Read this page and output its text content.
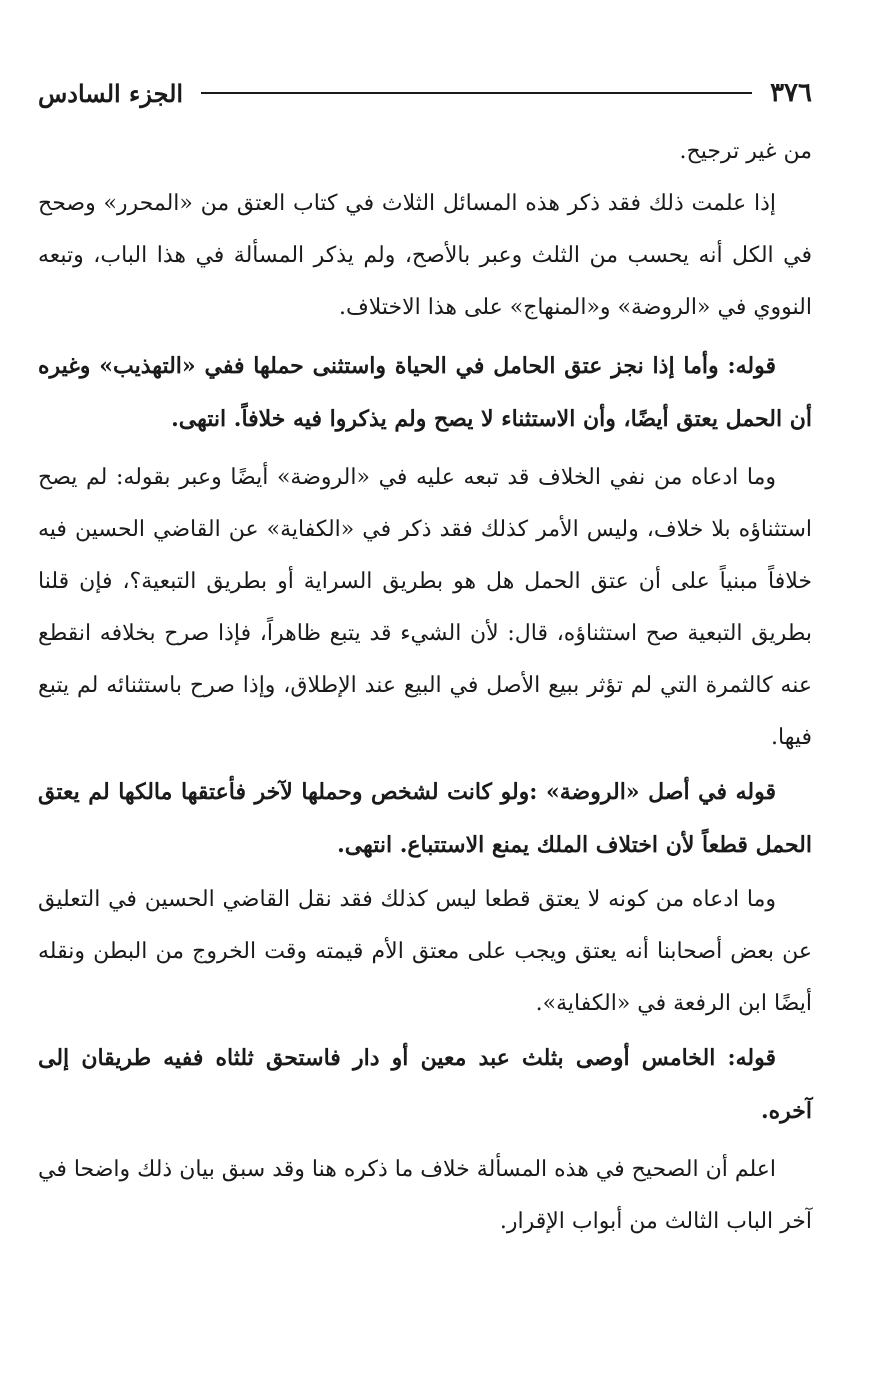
٣٧٦
الجزء السادس

من غير ترجيح.

إذا علمت ذلك فقد ذكر هذه المسائل الثلاث في كتاب العتق من «المحرر» وصحح في الكل أنه يحسب من الثلث وعبر بالأصح، ولم يذكر المسألة في هذا الباب، وتبعه النووي في «الروضة» و«المنهاج» على هذا الاختلاف.

قوله: وأما إذا نجز عتق الحامل في الحياة واستثنى حملها ففي «التهذيب» وغيره أن الحمل يعتق أيضًا، وأن الاستثناء لا يصح ولم يذكروا فيه خلافاً. انتهى.

وما ادعاه من نفي الخلاف قد تبعه عليه في «الروضة» أيضًا وعبر بقوله: لم يصح استثناؤه بلا خلاف، وليس الأمر كذلك فقد ذكر في «الكفاية» عن القاضي الحسين فيه خلافاً مبنياً على أن عتق الحمل هل هو بطريق السراية أو بطريق التبعية؟، فإن قلنا بطريق التبعية صح استثناؤه، قال: لأن الشيء قد يتبع ظاهراً، فإذا صرح بخلافه انقطع عنه كالثمرة التي لم تؤثر ببيع الأصل في البيع عند الإطلاق، وإذا صرح باستثنائه لم يتبع فيها.

قوله في أصل «الروضة» :ولو كانت لشخص وحملها لآخر فأعتقها مالكها لم يعتق الحمل قطعاً لأن اختلاف الملك يمنع الاستتباع. انتهى.

وما ادعاه من كونه لا يعتق قطعا ليس كذلك فقد نقل القاضي الحسين في التعليق عن بعض أصحابنا أنه يعتق ويجب على معتق الأم قيمته وقت الخروج من البطن ونقله أيضًا ابن الرفعة في «الكفاية».

قوله: الخامس أوصى بثلث عبد معين أو دار فاستحق ثلثاه ففيه طريقان إلى آخره.

اعلم أن الصحيح في هذه المسألة خلاف ما ذكره هنا وقد سبق بيان ذلك واضحا في آخر الباب الثالث من أبواب الإقرار.
